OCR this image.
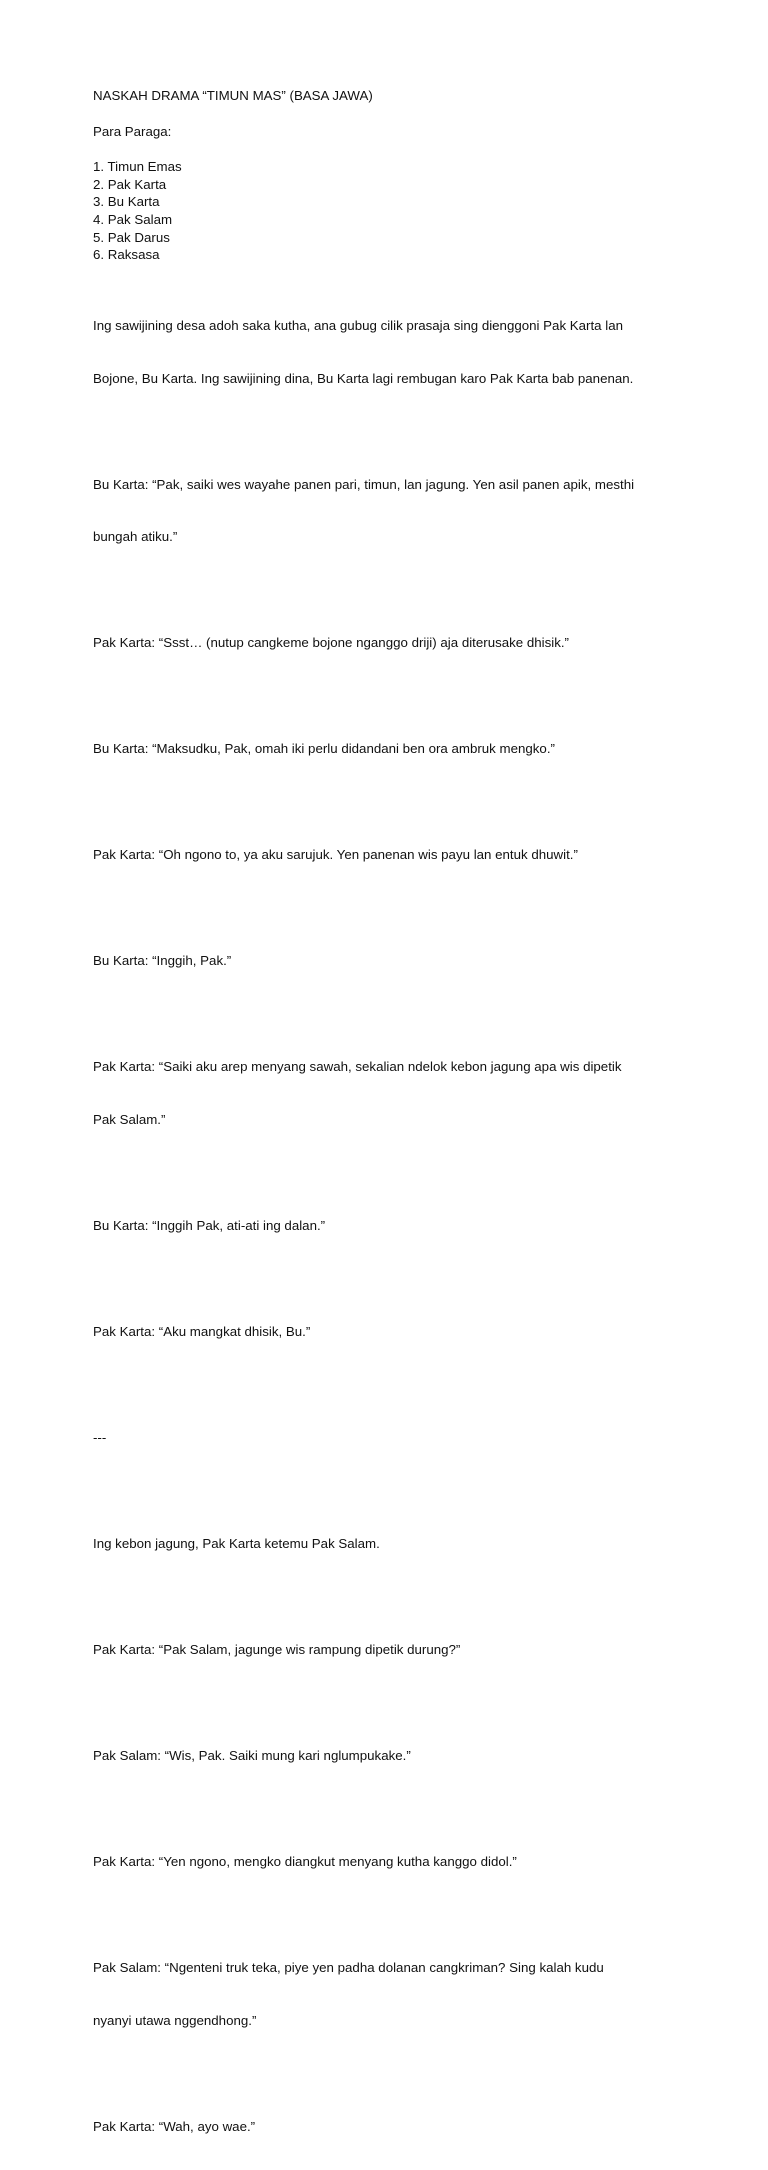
NASKAH DRAMA “TIMUN MAS” (BASA JAWA)

Para Paraga:

1. Timun Emas
2. Pak Karta
3. Bu Karta
4. Pak Salam
5. Pak Darus
6. Raksasa

Ing sawijining desa adoh saka kutha, ana gubug cilik prasaja sing dienggoni Pak Karta lan

Bojone, Bu Karta. Ing sawijining dina, Bu Karta lagi rembugan karo Pak Karta bab panenan.

Bu Karta: “Pak, saiki wes wayahe panen pari, timun, lan jagung. Yen asil panen apik, mesthi

bungah atiku.”

Pak Karta: “Ssst… (nutup cangkeme bojone nganggo driji) aja diterusake dhisik.”

Bu Karta: “Maksudku, Pak, omah iki perlu didandani ben ora ambruk mengko.”

Pak Karta: “Oh ngono to, ya aku sarujuk. Yen panenan wis payu lan entuk dhuwit.”

Bu Karta: “Inggih, Pak.”

Pak Karta: “Saiki aku arep menyang sawah, sekalian ndelok kebon jagung apa wis dipetik

Pak Salam.”

Bu Karta: “Inggih Pak, ati-ati ing dalan.”

Pak Karta: “Aku mangkat dhisik, Bu.”

---

Ing kebon jagung, Pak Karta ketemu Pak Salam.

Pak Karta: “Pak Salam, jagunge wis rampung dipetik durung?”

Pak Salam: “Wis, Pak. Saiki mung kari nglumpukake.”

Pak Karta: “Yen ngono, mengko diangkut menyang kutha kanggo didol.”

Pak Salam: “Ngenteni truk teka, piye yen padha dolanan cangkriman? Sing kalah kudu

nyanyi utawa nggendhong.”

Pak Karta: “Wah, ayo wae.”
